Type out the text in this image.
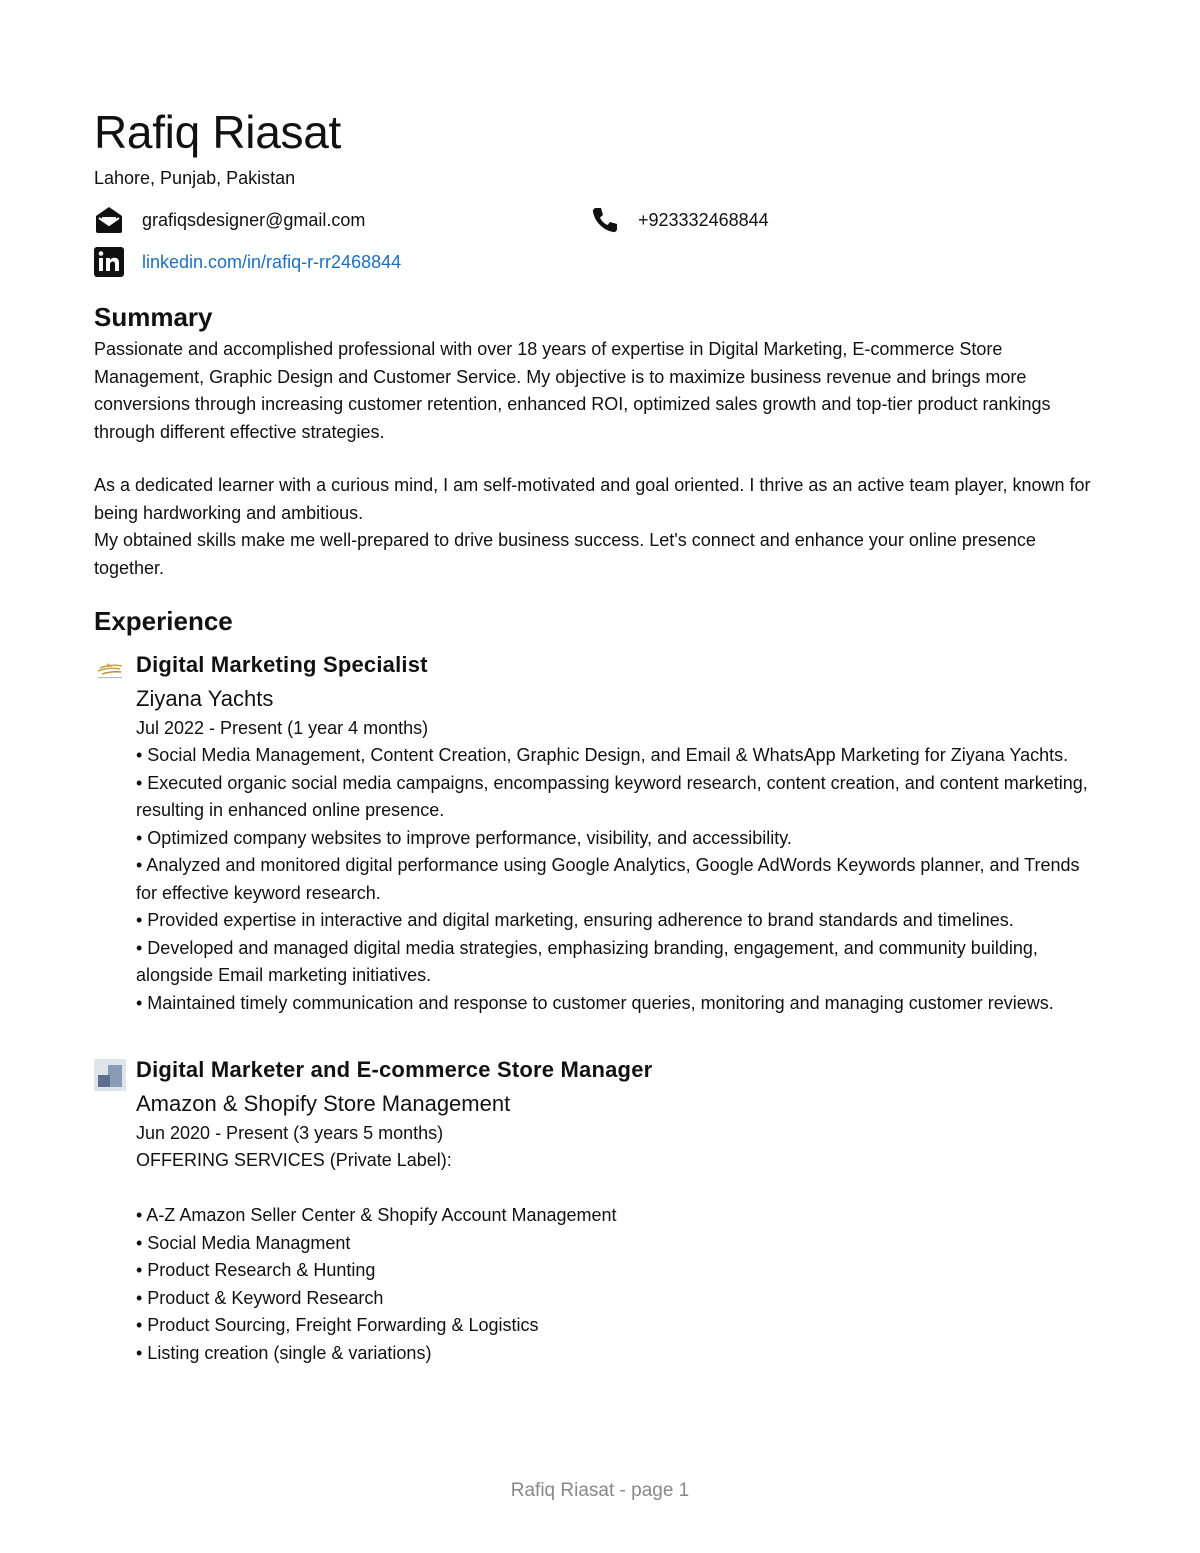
Rafiq Riasat
Lahore, Punjab, Pakistan
grafiqsdesigner@gmail.com	+923332468844
linkedin.com/in/rafiq-r-rr2468844
Summary

Passionate and accomplished professional with over 18 years of expertise in Digital Marketing, E-commerce Store Management, Graphic Design and Customer Service. My objective is to maximize business revenue and brings more conversions through increasing customer retention, enhanced ROI, optimized sales growth and top-tier product rankings through different effective strategies.

As a dedicated learner with a curious mind, I am self-motivated and goal oriented. I thrive as an active team player, known for being hardworking and ambitious.

My obtained skills make me well-prepared to drive business success. Let's connect and enhance your online presence together.

Experience
Digital Marketing Specialist
Ziyana Yachts
Jul 2022 - Present (1 year 4 months)
• Social Media Management, Content Creation, Graphic Design, and Email & WhatsApp Marketing for Ziyana Yachts.
• Executed organic social media campaigns, encompassing keyword research, content creation, and content marketing, resulting in enhanced online presence.
• Optimized company websites to improve performance, visibility, and accessibility.
• Analyzed and monitored digital performance using Google Analytics, Google AdWords Keywords planner, and Trends for effective keyword research.
• Provided expertise in interactive and digital marketing, ensuring adherence to brand standards and timelines.
• Developed and managed digital media strategies, emphasizing branding, engagement, and community building, alongside Email marketing initiatives.
• Maintained timely communication and response to customer queries, monitoring and managing customer reviews.
Digital Marketer and E-commerce Store Manager
Amazon & Shopify Store Management
Jun 2020 - Present (3 years 5 months)
OFFERING SERVICES (Private Label):
• A-Z Amazon Seller Center & Shopify Account Management
• Social Media Managment
• Product Research & Hunting
• Product & Keyword Research
• Product Sourcing, Freight Forwarding & Logistics
• Listing creation (single & variations)
Rafiq Riasat - page 1
